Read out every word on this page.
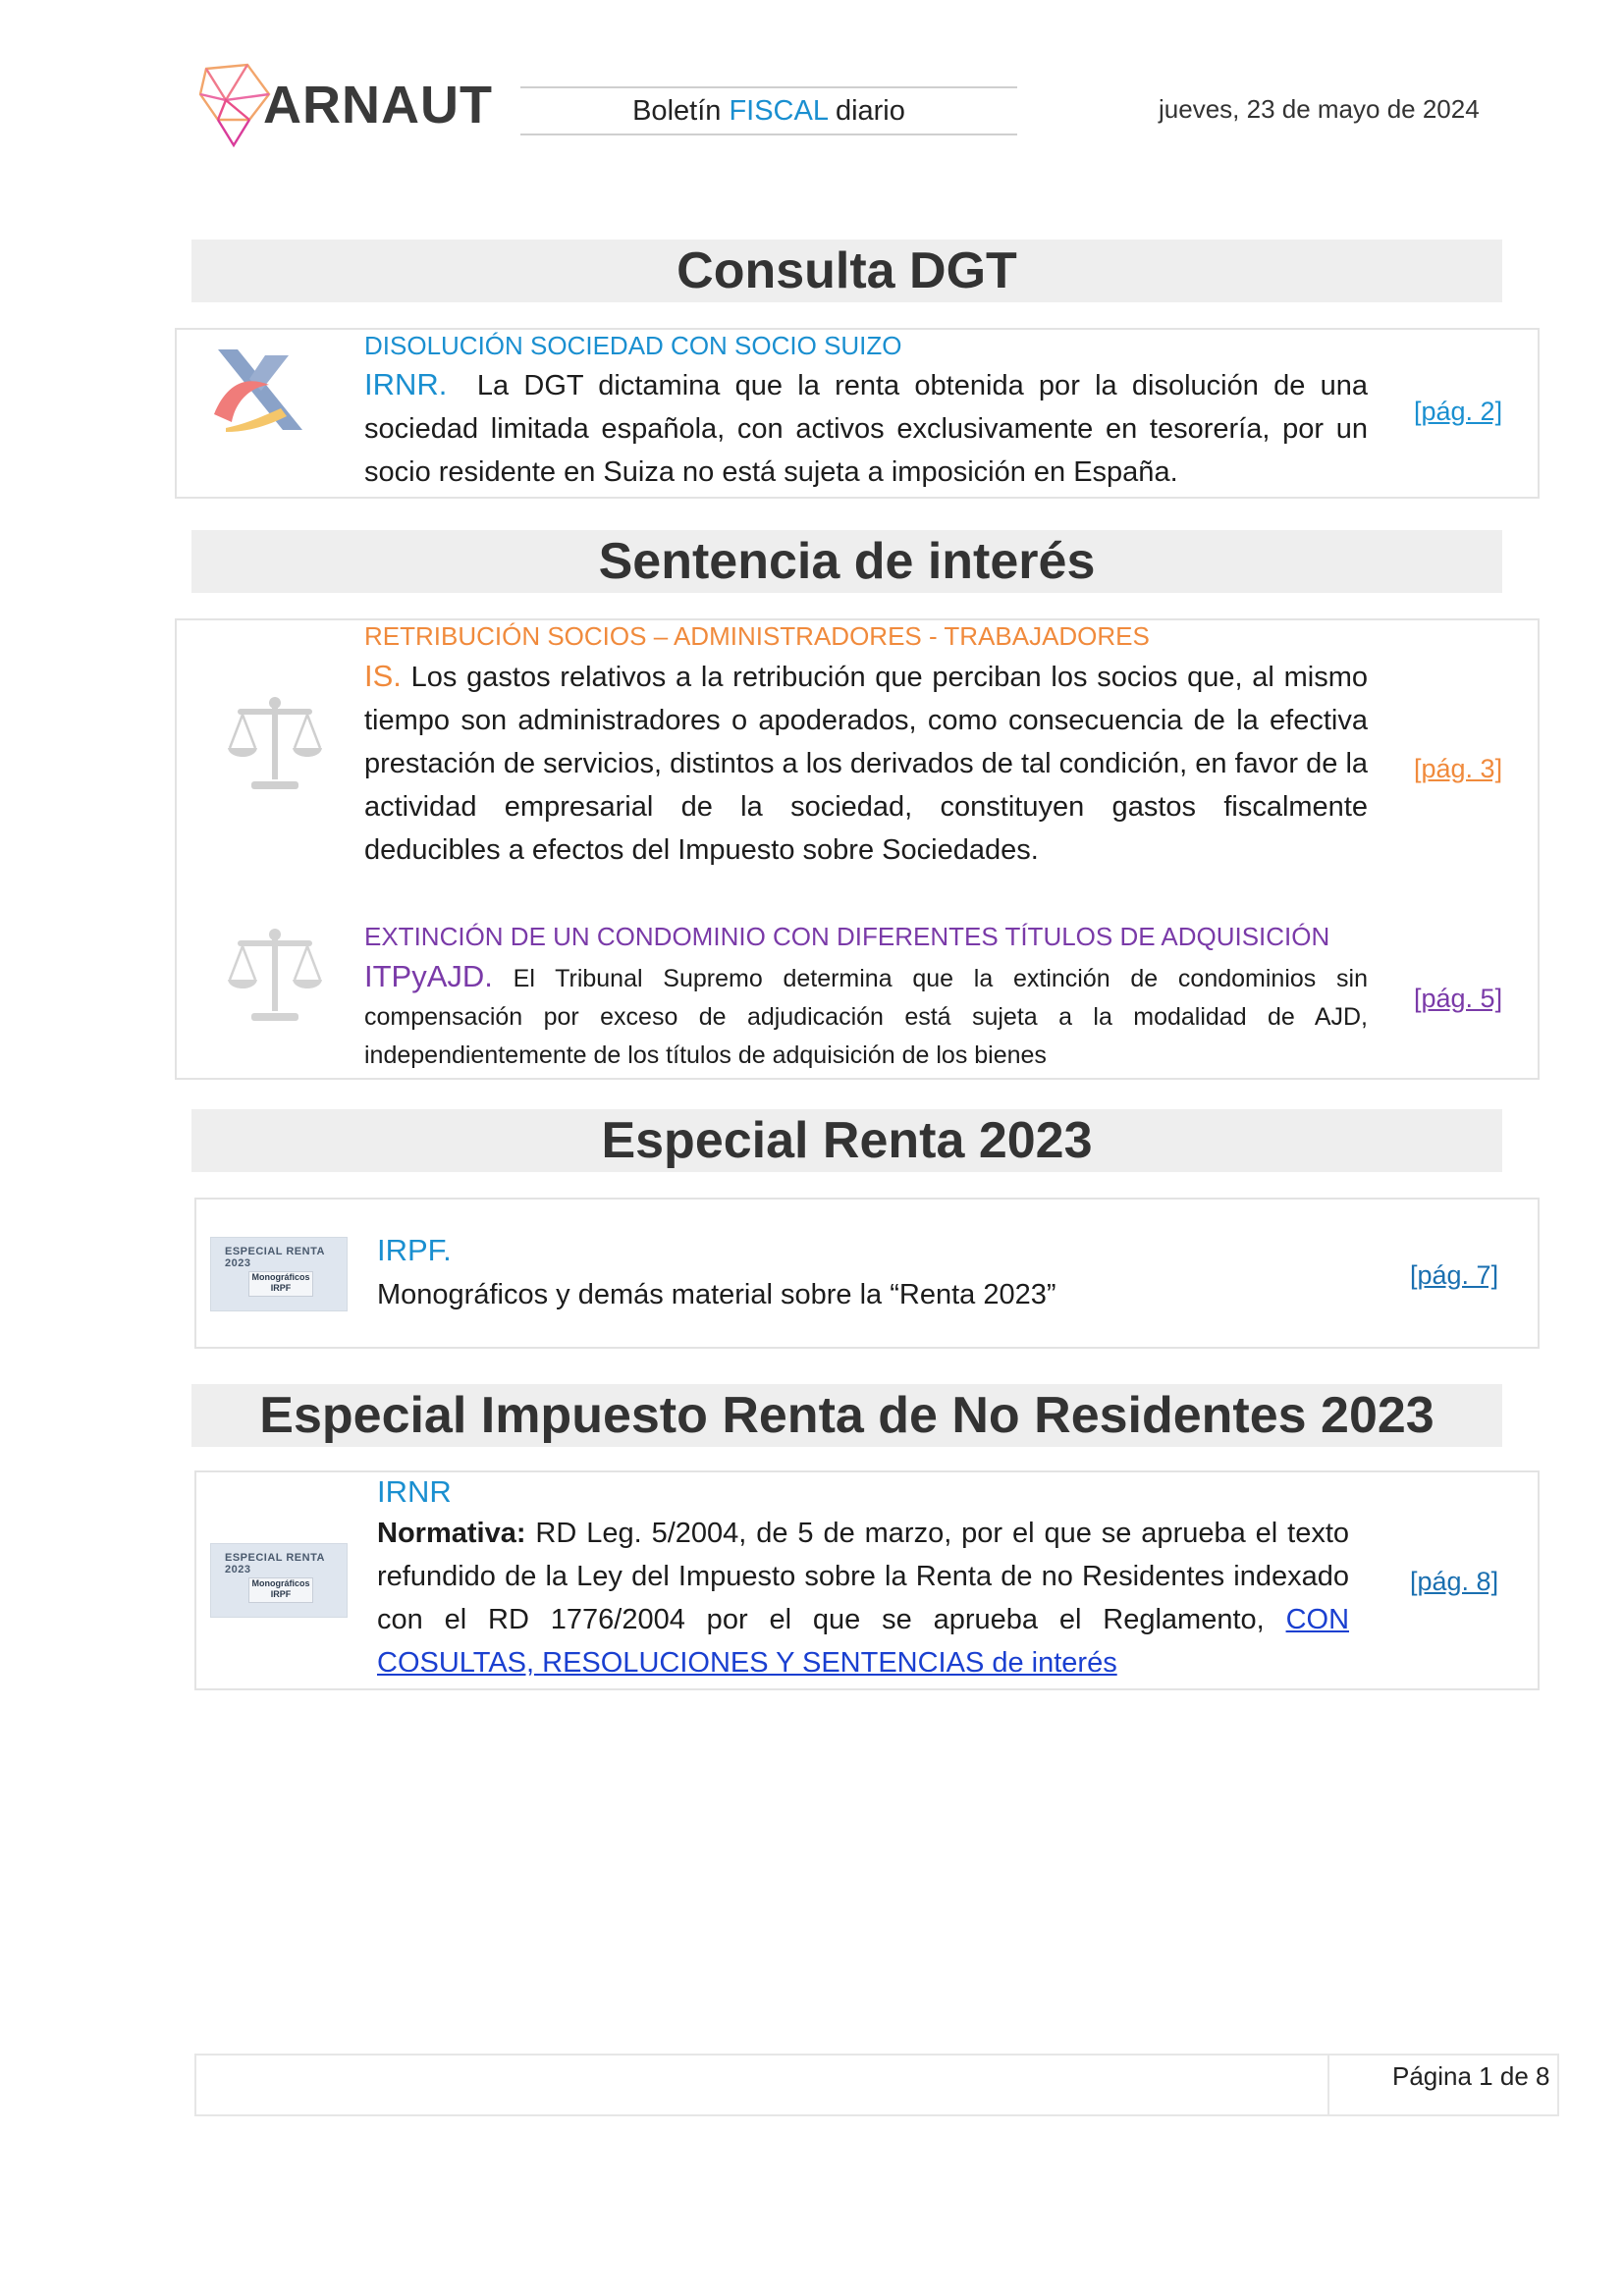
ARNAUT	Boletín FISCAL diario	jueves, 23 de mayo de 2024
Consulta DGT
DISOLUCIÓN SOCIEDAD CON SOCIO SUIZO
IRNR. La DGT dictamina que la renta obtenida por la disolución de una sociedad limitada española, con activos exclusivamente en tesorería, por un socio residente en Suiza no está sujeta a imposición en España.
[pág. 2]
Sentencia de interés
RETRIBUCIÓN SOCIOS – ADMINISTRADORES - TRABAJADORES
IS. Los gastos relativos a la retribución que perciban los socios que, al mismo tiempo son administradores o apoderados, como consecuencia de la efectiva prestación de servicios, distintos a los derivados de tal condición, en favor de la actividad empresarial de la sociedad, constituyen gastos fiscalmente deducibles a efectos del Impuesto sobre Sociedades.
[pág. 3]
EXTINCIÓN DE UN CONDOMINIO CON DIFERENTES TÍTULOS DE ADQUISICIÓN
ITPyAJD. El Tribunal Supremo determina que la extinción de condominios sin compensación por exceso de adjudicación está sujeta a la modalidad de AJD, independientemente de los títulos de adquisición de los bienes
[pág. 5]
Especial Renta 2023
ESPECIAL RENTA 2023
Monográficos
IRPF
IRPF.
Monográficos y demás material sobre la “Renta 2023”
[pág. 7]
Especial Impuesto Renta de No Residentes 2023
ESPECIAL RENTA 2023
Monográficos
IRPF
IRNR
Normativa: RD Leg. 5/2004, de 5 de marzo, por el que se aprueba el texto refundido de la Ley del Impuesto sobre la Renta de no Residentes indexado con el RD 1776/2004 por el que se aprueba el Reglamento, CON COSULTAS, RESOLUCIONES Y SENTENCIAS de interés
[pág. 8]
Página 1 de 8
